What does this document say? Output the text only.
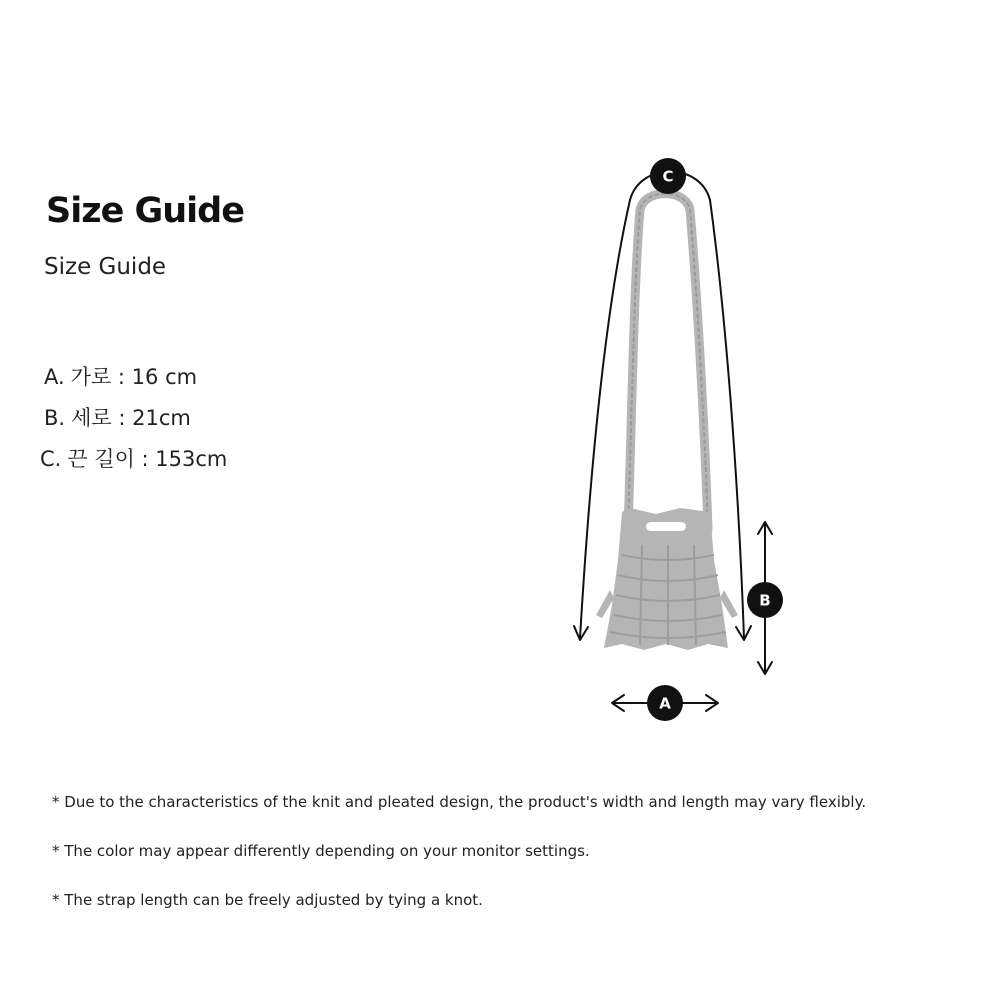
Size Guide
Size Guide
A. 가로 : 16 cm
B. 세로 : 21cm
C. 끈 길이 : 153cm
C
B
A
* Due to the characteristics of the knit and pleated design, the product's width and length may vary flexibly.
* The color may appear differently depending on your monitor settings.
* The strap length can be freely adjusted by tying a knot.
